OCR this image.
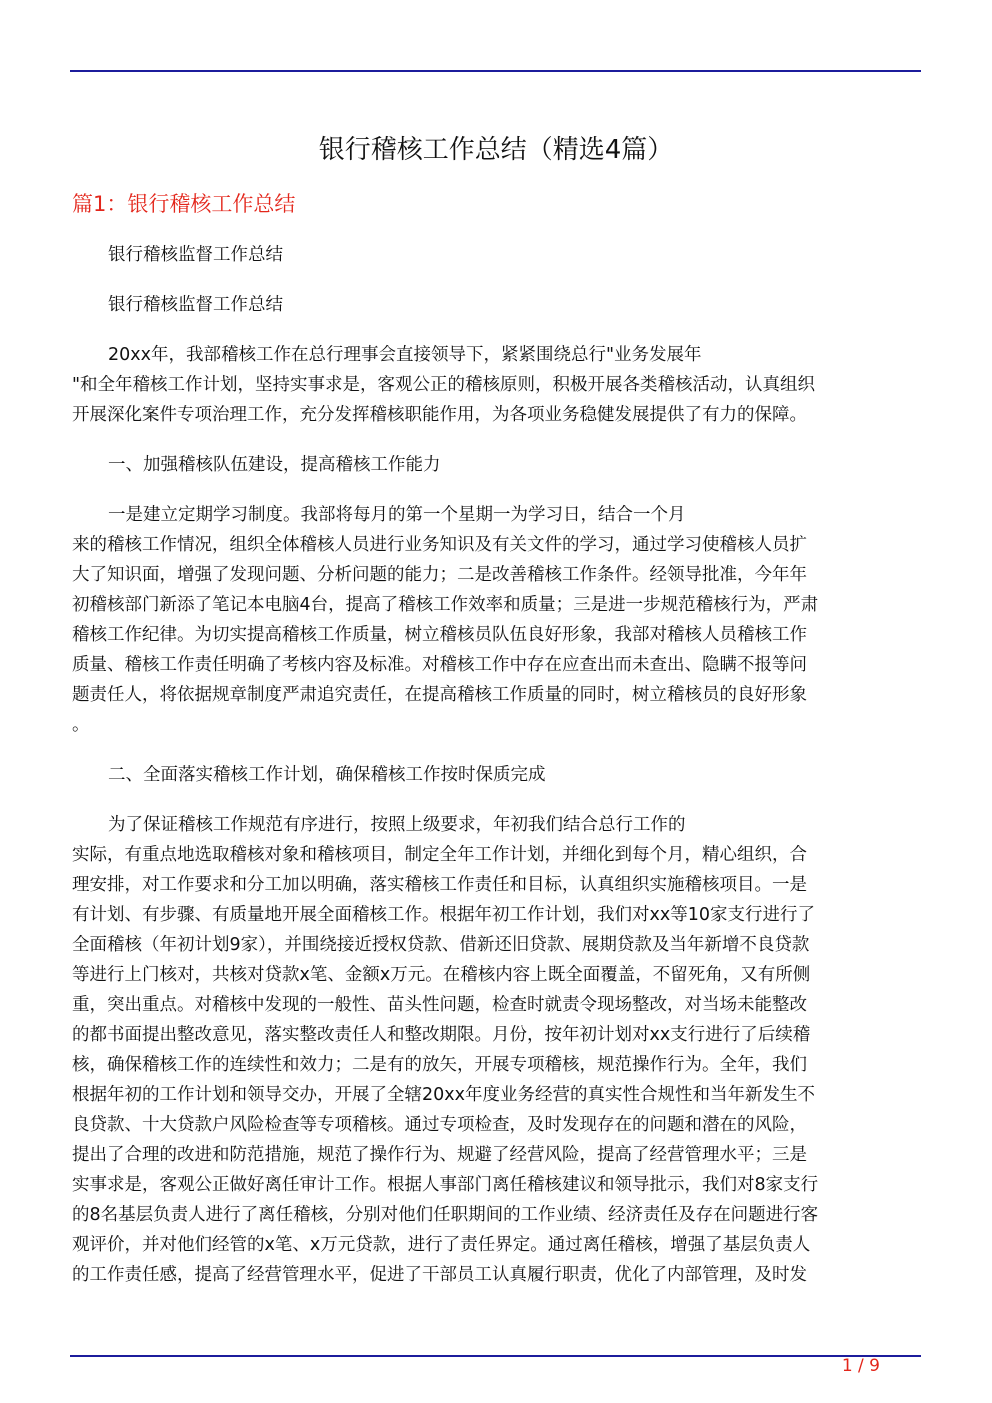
银行稽核工作总结（精选4篇）
篇1：银行稽核工作总结
银行稽核监督工作总结
银行稽核监督工作总结
20xx年，我部稽核工作在总行理事会直接领导下，紧紧围绕总行"业务发展年
"和全年稽核工作计划，坚持实事求是，客观公正的稽核原则，积极开展各类稽核活动，认真组织
开展深化案件专项治理工作，充分发挥稽核职能作用，为各项业务稳健发展提供了有力的保障。
一、加强稽核队伍建设，提高稽核工作能力
一是建立定期学习制度。我部将每月的第一个星期一为学习日，结合一个月
来的稽核工作情况，组织全体稽核人员进行业务知识及有关文件的学习，通过学习使稽核人员扩
大了知识面，增强了发现问题、分析问题的能力；二是改善稽核工作条件。经领导批准，今年年
初稽核部门新添了笔记本电脑4台，提高了稽核工作效率和质量；三是进一步规范稽核行为，严肃
稽核工作纪律。为切实提高稽核工作质量，树立稽核员队伍良好形象，我部对稽核人员稽核工作
质量、稽核工作责任明确了考核内容及标准。对稽核工作中存在应查出而未查出、隐瞒不报等问
题责任人，将依据规章制度严肃追究责任，在提高稽核工作质量的同时，树立稽核员的良好形象
。
二、全面落实稽核工作计划，确保稽核工作按时保质完成
为了保证稽核工作规范有序进行，按照上级要求，年初我们结合总行工作的
实际，有重点地选取稽核对象和稽核项目，制定全年工作计划，并细化到每个月，精心组织，合
理安排，对工作要求和分工加以明确，落实稽核工作责任和目标，认真组织实施稽核项目。一是
有计划、有步骤、有质量地开展全面稽核工作。根据年初工作计划，我们对xx等10家支行进行了
全面稽核（年初计划9家），并围绕接近授权贷款、借新还旧贷款、展期贷款及当年新增不良贷款
等进行上门核对，共核对贷款x笔、金额x万元。在稽核内容上既全面覆盖，不留死角，又有所侧
重，突出重点。对稽核中发现的一般性、苗头性问题，检查时就责令现场整改，对当场未能整改
的都书面提出整改意见，落实整改责任人和整改期限。月份，按年初计划对xx支行进行了后续稽
核，确保稽核工作的连续性和效力；二是有的放矢，开展专项稽核，规范操作行为。全年，我们
根据年初的工作计划和领导交办，开展了全辖20xx年度业务经营的真实性合规性和当年新发生不
良贷款、十大贷款户风险检查等专项稽核。通过专项检查，及时发现存在的问题和潜在的风险，
提出了合理的改进和防范措施，规范了操作行为、规避了经营风险，提高了经营管理水平；三是
实事求是，客观公正做好离任审计工作。根据人事部门离任稽核建议和领导批示，我们对8家支行
的8名基层负责人进行了离任稽核，分别对他们任职期间的工作业绩、经济责任及存在问题进行客
观评价，并对他们经管的x笔、x万元贷款，进行了责任界定。通过离任稽核，增强了基层负责人
的工作责任感，提高了经营管理水平，促进了干部员工认真履行职责，优化了内部管理，及时发
1 / 9
